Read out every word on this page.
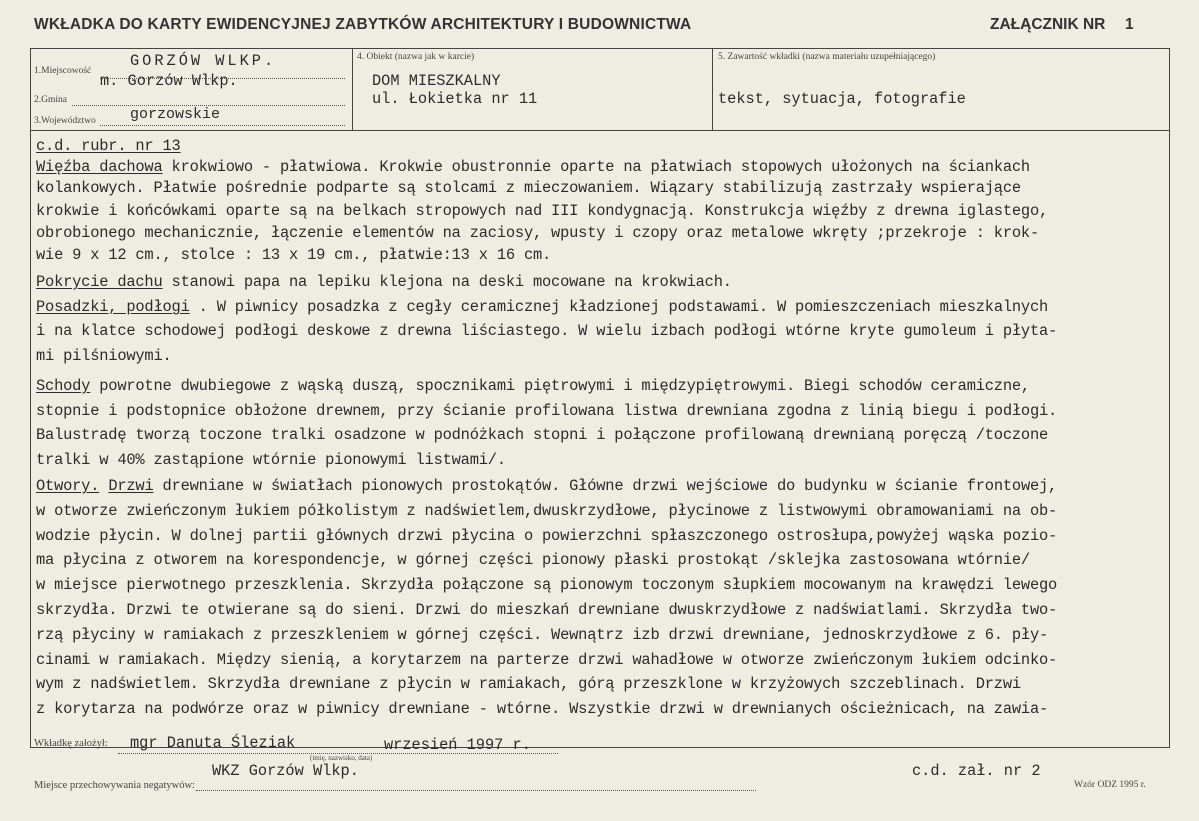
WKŁADKA DO KARTY EWIDENCYJNEJ ZABYTKÓW ARCHITEKTURY I BUDOWNICTWA	ZAŁĄCZNIK NR 1
1.Miejscowość
GORZÓW WLKP.
m. Gorzów Wlkp.
2.Gmina
3.Województwo gorzowskie
4. Obiekt (nazwa jak w karcie)
DOM MIESZKALNY
ul. Łokietka nr 11
5. Zawartość wkładki (nazwa materiału uzupełniającego)
tekst, sytuacja, fotografie
c.d. rubr. nr 13
Więźba dachowa krokwiowo - płatwiowa. Krokwie obustronnie oparte na płatwiach stopowych ułożonych na ściankach
kolankowych. Płatwie pośrednie podparte są stolcami z mieczowaniem. Wiązary stabilizują zastrzały wspierające
krokwie i końcówkami oparte są na belkach stropowych nad III kondygnacją. Konstrukcja więźby z drewna iglastego,
obrobionego mechanicznie, łączenie elementów na zaciosy, wpusty i czopy oraz metalowe wkręty ;przekroje : krok-
wie 9 x 12 cm., stolce : 13 x 19 cm., płatwie:13 x 16 cm.
Pokrycie dachu stanowi papa na lepiku klejona na deski mocowane na krokwiach.
Posadzki, podłogi . W piwnicy posadzka z cegły ceramicznej kładzionej podstawami. W pomieszczeniach mieszkalnych
i na klatce schodowej podłogi deskowe z drewna liściastego. W wielu izbach podłogi wtórne kryte gumoleum i płyta-
mi pilśniowymi.
Schody powrotne dwubiegowe z wąską duszą, spocznikami piętrowymi i międzypiętrowymi. Biegi schodów ceramiczne,
stopnie i podstopnice obłożone drewnem, przy ścianie profilowana listwa drewniana zgodna z linią biegu i podłogi.
Balustradę tworzą toczone tralki osadzone w podnóżkach stopni i połączone profilowaną drewnianą poręczą /toczone
tralki w 40% zastąpione wtórnie pionowymi listwami/.
Otwory. Drzwi drewniane w światłach pionowych prostokątów. Główne drzwi wejściowe do budynku w ścianie frontowej,
w otworze zwieńczonym łukiem półkolistym z nadświetlem,dwuskrzydłowe, płycinowe z listwowymi obramowaniami na ob-
wodzie płycin. W dolnej partii głównych drzwi płycina o powierzchni spłaszczonego ostrosłupa,powyżej wąska pozio-
ma płycina z otworem na korespondencje, w górnej części pionowy płaski prostokąt /sklejka zastosowana wtórnie/
w miejsce pierwotnego przeszklenia. Skrzydła połączone są pionowym toczonym słupkiem mocowanym na krawędzi lewego
skrzydła. Drzwi te otwierane są do sieni. Drzwi do mieszkań drewniane dwuskrzydłowe z nadświatlami. Skrzydła two-
rzą płyciny w ramiakach z przeszkleniem w górnej części. Wewnątrz izb drzwi drewniane, jednoskrzydłowe z 6. pły-
cinami w ramiakach. Między sienią, a korytarzem na parterze drzwi wahadłowe w otworze zwieńczonym łukiem odcinko-
wym z nadświetlem. Skrzydła drewniane z płycin w ramiakach, górą przeszklone w krzyżowych szczeblinach. Drzwi
z korytarza na podwórze oraz w piwnicy drewniane - wtórne. Wszystkie drzwi w drewnianych ościeżnicach, na zawia-
Wkładkę założył: mgr Danuta Śleziak	wrzesień 1997 r.
(imię, nazwisko, data)
WKZ Gorzów Wlkp.
Miejsce przechowywania negatywów:
c.d. zał. nr 2
Wzór ODZ 1995 r.
